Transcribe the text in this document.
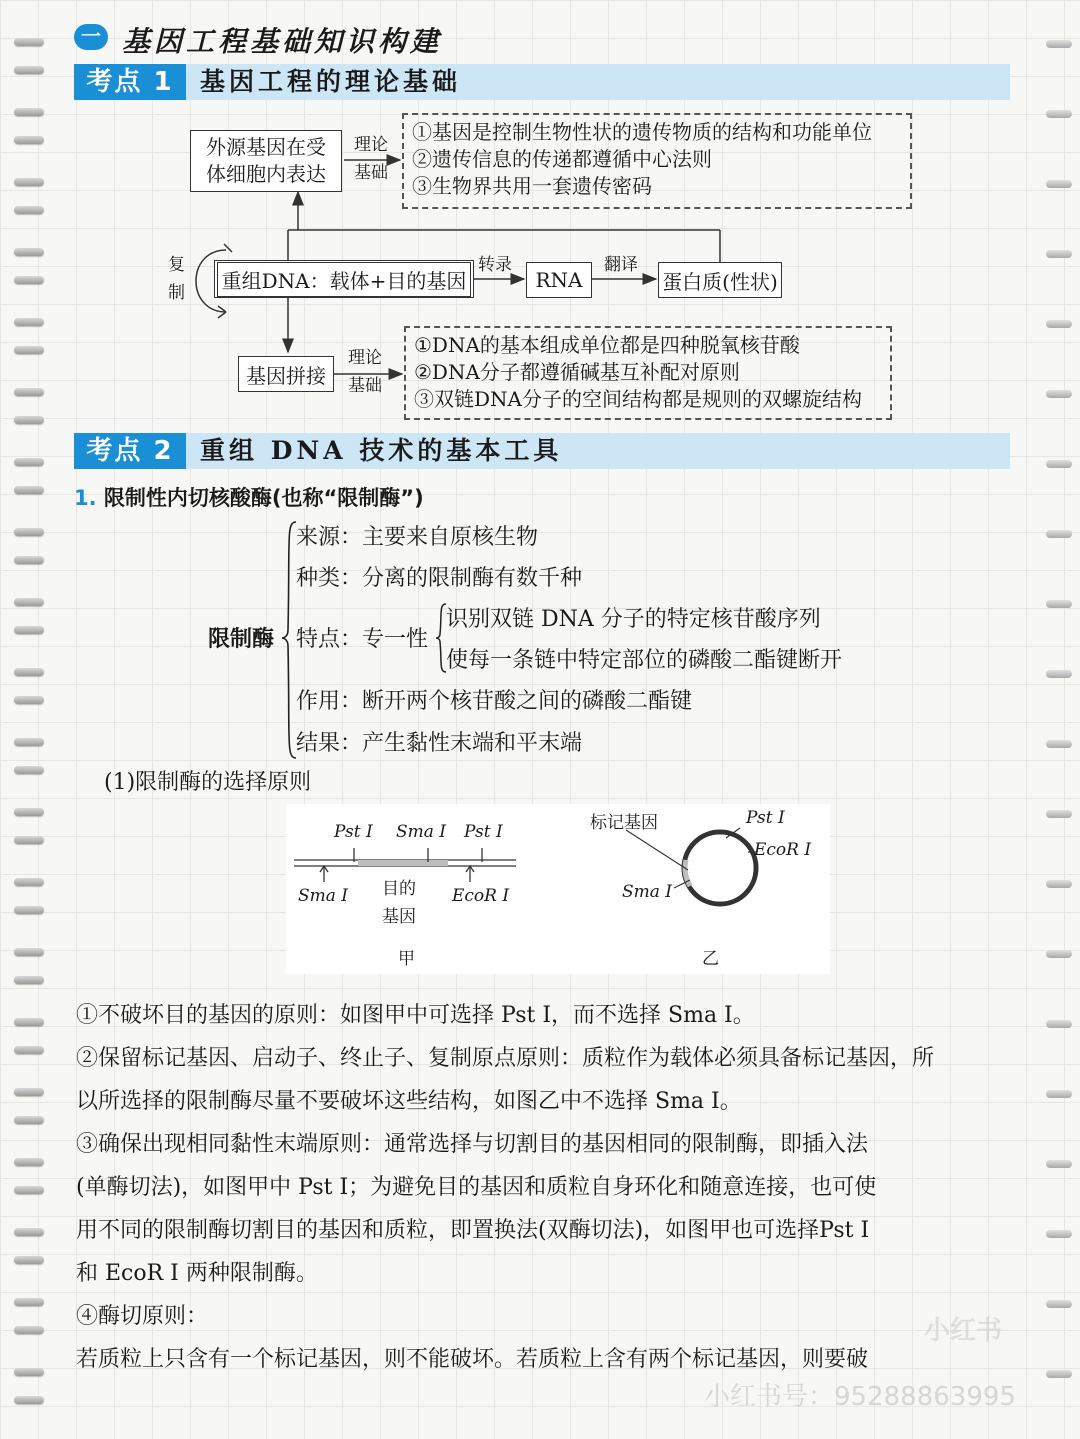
一 基因工程基础知识构建
考点 1	基因工程的理论基础
外源基因在受
体细胞内表达
理论
基础
①基因是控制生物性状的遗传物质的结构和功能单位
②遗传信息的传递都遵循中心法则
③生物界共用一套遗传密码
复
制
重组DNA：载体+目的基因
转录
RNA
翻译
蛋白质(性状)
基因拼接
理论
基础
①DNA的基本组成单位都是四种脱氧核苷酸
②DNA分子都遵循碱基互补配对原则
③双链DNA分子的空间结构都是规则的双螺旋结构
考点 2	重组 DNA 技术的基本工具
1. 限制性内切核酸酶(也称“限制酶”)
限制酶
来源：主要来自原核生物
种类：分离的限制酶有数千种
特点：专一性
识别双链 DNA 分子的特定核苷酸序列
使每一条链中特定部位的磷酸二酯键断开
作用：断开两个核苷酸之间的磷酸二酯键
结果：产生黏性末端和平末端
(1)限制酶的选择原则
Pst Ⅰ Sma Ⅰ Pst Ⅰ
Sma Ⅰ 目的
基因
EcoR Ⅰ
甲
标记基因	Pst Ⅰ
EcoR Ⅰ
Sma Ⅰ
乙
①不破坏目的基因的原则：如图甲中可选择 Pst Ⅰ，而不选择 Sma Ⅰ。
②保留标记基因、启动子、终止子、复制原点原则：质粒作为载体必须具备标记基因，所
以所选择的限制酶尽量不要破坏这些结构，如图乙中不选择 Sma Ⅰ。
③确保出现相同黏性末端原则：通常选择与切割目的基因相同的限制酶，即插入法
(单酶切法)，如图甲中 Pst Ⅰ；为避免目的基因和质粒自身环化和随意连接，也可使
用不同的限制酶切割目的基因和质粒，即置换法(双酶切法)，如图甲也可选择Pst Ⅰ
和 EcoR Ⅰ 两种限制酶。
④酶切原则：
若质粒上只含有一个标记基因，则不能破坏。若质粒上含有两个标记基因，则要破
小红书
小红书号：95288863995
